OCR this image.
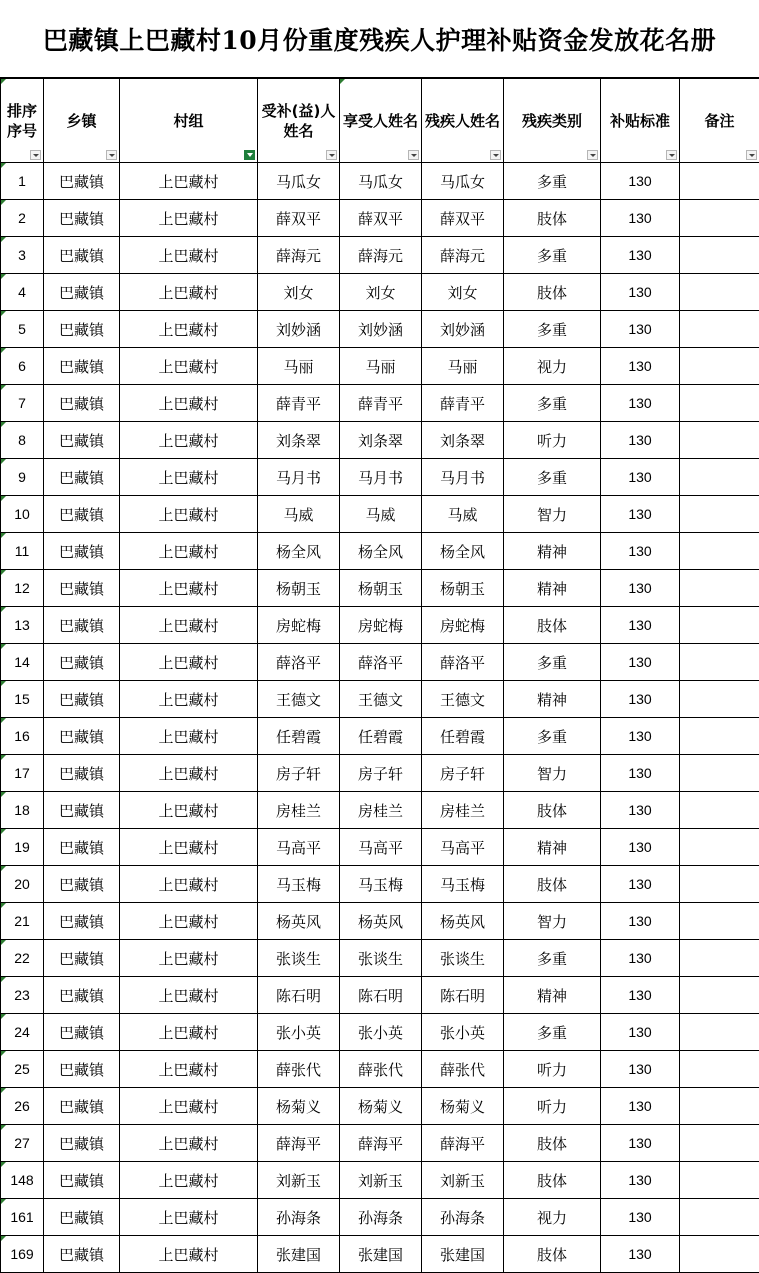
巴藏镇上巴藏村10月份重度残疾人护理补贴资金发放花名册
排序序号	乡镇	村组	受补(益)人姓名	享受人姓名	残疾人姓名	残疾类别	补贴标准	备注

1	巴藏镇	上巴藏村	马瓜女	马瓜女	马瓜女	多重	130	
2	巴藏镇	上巴藏村	薛双平	薛双平	薛双平	肢体	130	
3	巴藏镇	上巴藏村	薛海元	薛海元	薛海元	多重	130	
4	巴藏镇	上巴藏村	刘女	刘女	刘女	肢体	130	
5	巴藏镇	上巴藏村	刘妙涵	刘妙涵	刘妙涵	多重	130	
6	巴藏镇	上巴藏村	马丽	马丽	马丽	视力	130	
7	巴藏镇	上巴藏村	薛青平	薛青平	薛青平	多重	130	
8	巴藏镇	上巴藏村	刘条翠	刘条翠	刘条翠	听力	130	
9	巴藏镇	上巴藏村	马月书	马月书	马月书	多重	130	
10	巴藏镇	上巴藏村	马威	马威	马威	智力	130	
11	巴藏镇	上巴藏村	杨全风	杨全风	杨全风	精神	130	
12	巴藏镇	上巴藏村	杨朝玉	杨朝玉	杨朝玉	精神	130	
13	巴藏镇	上巴藏村	房蛇梅	房蛇梅	房蛇梅	肢体	130	
14	巴藏镇	上巴藏村	薛洛平	薛洛平	薛洛平	多重	130	
15	巴藏镇	上巴藏村	王德文	王德文	王德文	精神	130	
16	巴藏镇	上巴藏村	任碧霞	任碧霞	任碧霞	多重	130	
17	巴藏镇	上巴藏村	房子轩	房子轩	房子轩	智力	130	
18	巴藏镇	上巴藏村	房桂兰	房桂兰	房桂兰	肢体	130	
19	巴藏镇	上巴藏村	马高平	马高平	马高平	精神	130	
20	巴藏镇	上巴藏村	马玉梅	马玉梅	马玉梅	肢体	130	
21	巴藏镇	上巴藏村	杨英风	杨英风	杨英风	智力	130	
22	巴藏镇	上巴藏村	张谈生	张谈生	张谈生	多重	130	
23	巴藏镇	上巴藏村	陈石明	陈石明	陈石明	精神	130	
24	巴藏镇	上巴藏村	张小英	张小英	张小英	多重	130	
25	巴藏镇	上巴藏村	薛张代	薛张代	薛张代	听力	130	
26	巴藏镇	上巴藏村	杨菊义	杨菊义	杨菊义	听力	130	
27	巴藏镇	上巴藏村	薛海平	薛海平	薛海平	肢体	130	
148	巴藏镇	上巴藏村	刘新玉	刘新玉	刘新玉	肢体	130	
161	巴藏镇	上巴藏村	孙海条	孙海条	孙海条	视力	130	
169	巴藏镇	上巴藏村	张建国	张建国	张建国	肢体	130	
